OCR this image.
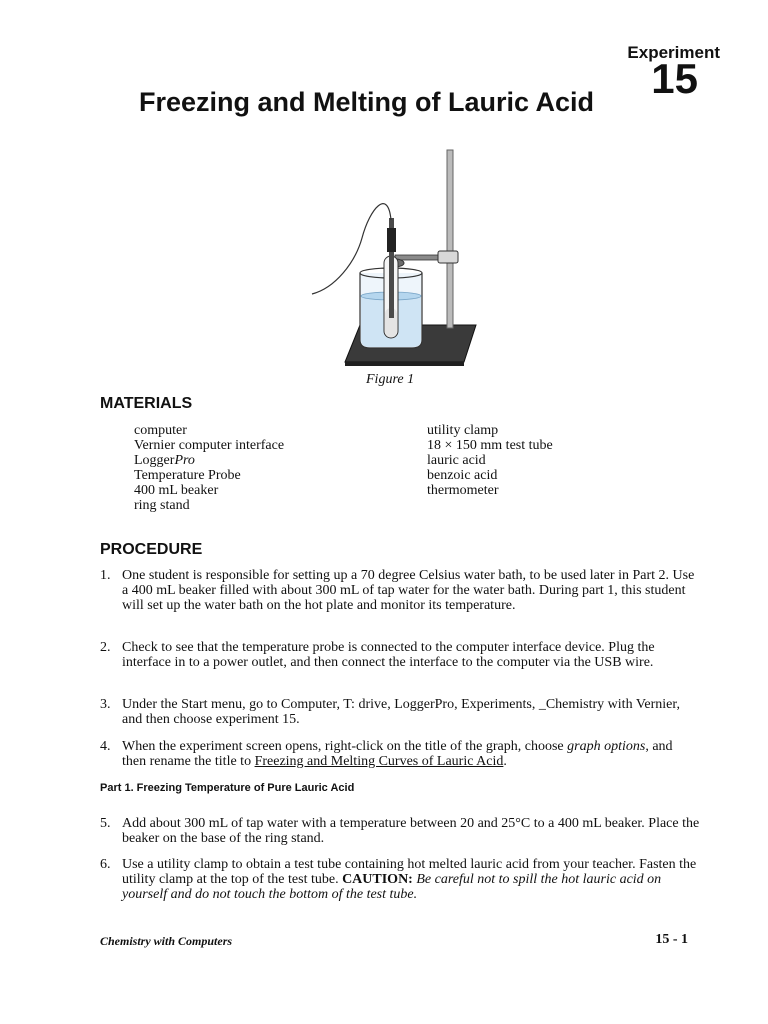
Experiment
15
Freezing and Melting of Lauric Acid
Figure 1
MATERIALS
computer
Vernier computer interface
LoggerPro
Temperature Probe
400 mL beaker
ring stand
utility clamp
18 × 150 mm test tube
lauric acid
benzoic acid
thermometer
PROCEDURE
1. One student is responsible for setting up a 70 degree Celsius water bath, to be used later in Part 2. Use a 400 mL beaker filled with about 300 mL of tap water for the water bath. During part 1, this student will set up the water bath on the hot plate and monitor its temperature.
2. Check to see that the temperature probe is connected to the computer interface device. Plug the interface in to a power outlet, and then connect the interface to the computer via the USB wire.
3. Under the Start menu, go to Computer, T: drive, LoggerPro, Experiments, _Chemistry with Vernier, and then choose experiment 15.
4. When the experiment screen opens, right-click on the title of the graph, choose graph options, and then rename the title to Freezing and Melting Curves of Lauric Acid.
Part 1. Freezing Temperature of Pure Lauric Acid
5. Add about 300 mL of tap water with a temperature between 20 and 25°C to a 400 mL beaker. Place the beaker on the base of the ring stand.
6. Use a utility clamp to obtain a test tube containing hot melted lauric acid from your teacher. Fasten the utility clamp at the top of the test tube. CAUTION: Be careful not to spill the hot lauric acid on yourself and do not touch the bottom of the test tube.
Chemistry with Computers	15 - 1
